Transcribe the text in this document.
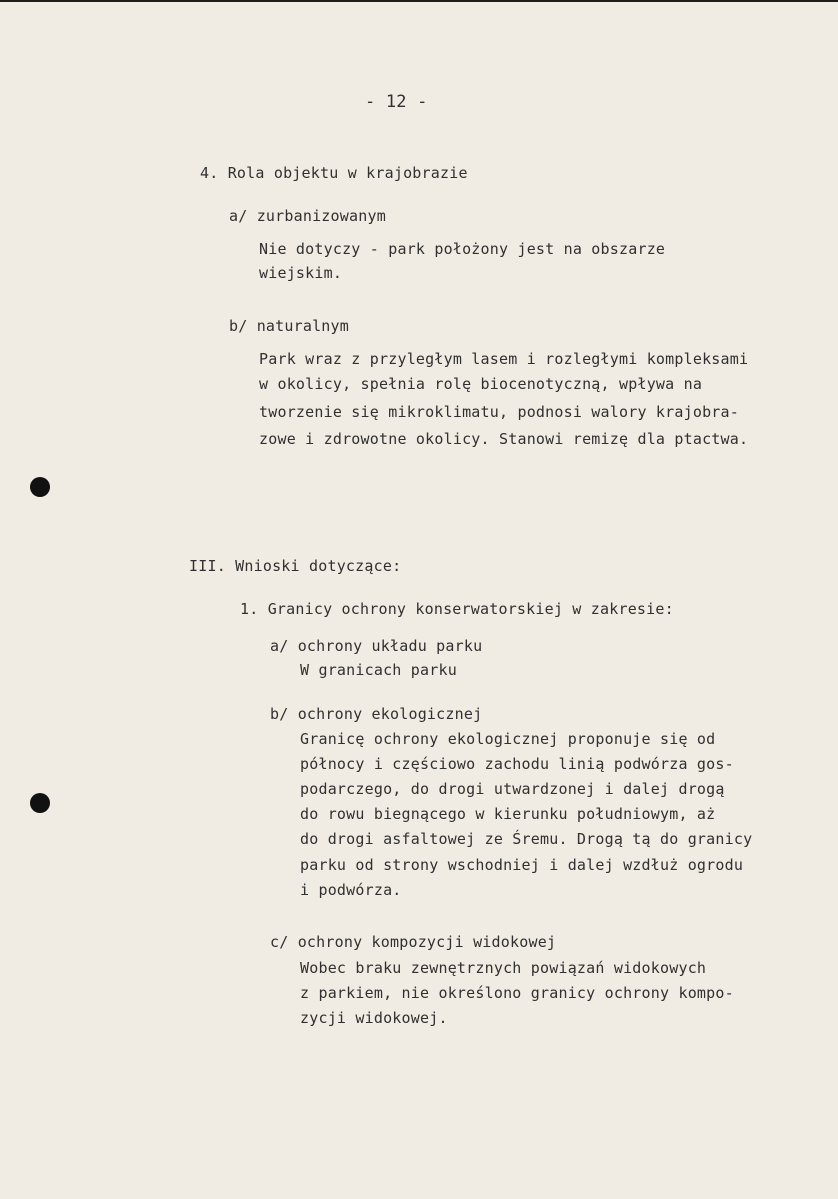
- 12 -
4. Rola objektu w krajobrazie
a/ zurbanizowanym
Nie dotyczy - park położony jest na obszarze
wiejskim.
b/ naturalnym
Park wraz z przyległym lasem i rozległymi kompleksami
w okolicy, spełnia rolę biocenotyczną, wpływa na
tworzenie się mikroklimatu, podnosi walory krajobra-
zowe i zdrowotne okolicy. Stanowi remizę dla ptactwa.
III. Wnioski dotyczące:
1. Granicy ochrony konserwatorskiej w zakresie:
a/ ochrony układu parku
W granicach parku
b/ ochrony ekologicznej
Granicę ochrony ekologicznej proponuje się od
północy i częściowo zachodu linią podwórza gos-
podarczego, do drogi utwardzonej i dalej drogą
do rowu biegnącego w kierunku południowym, aż
do drogi asfaltowej ze Śremu. Drogą tą do granicy
parku od strony wschodniej i dalej wzdłuż ogrodu
i podwórza.
c/ ochrony kompozycji widokowej
Wobec braku zewnętrznych powiązań widokowych
z parkiem, nie określono granicy ochrony kompo-
zycji widokowej.
